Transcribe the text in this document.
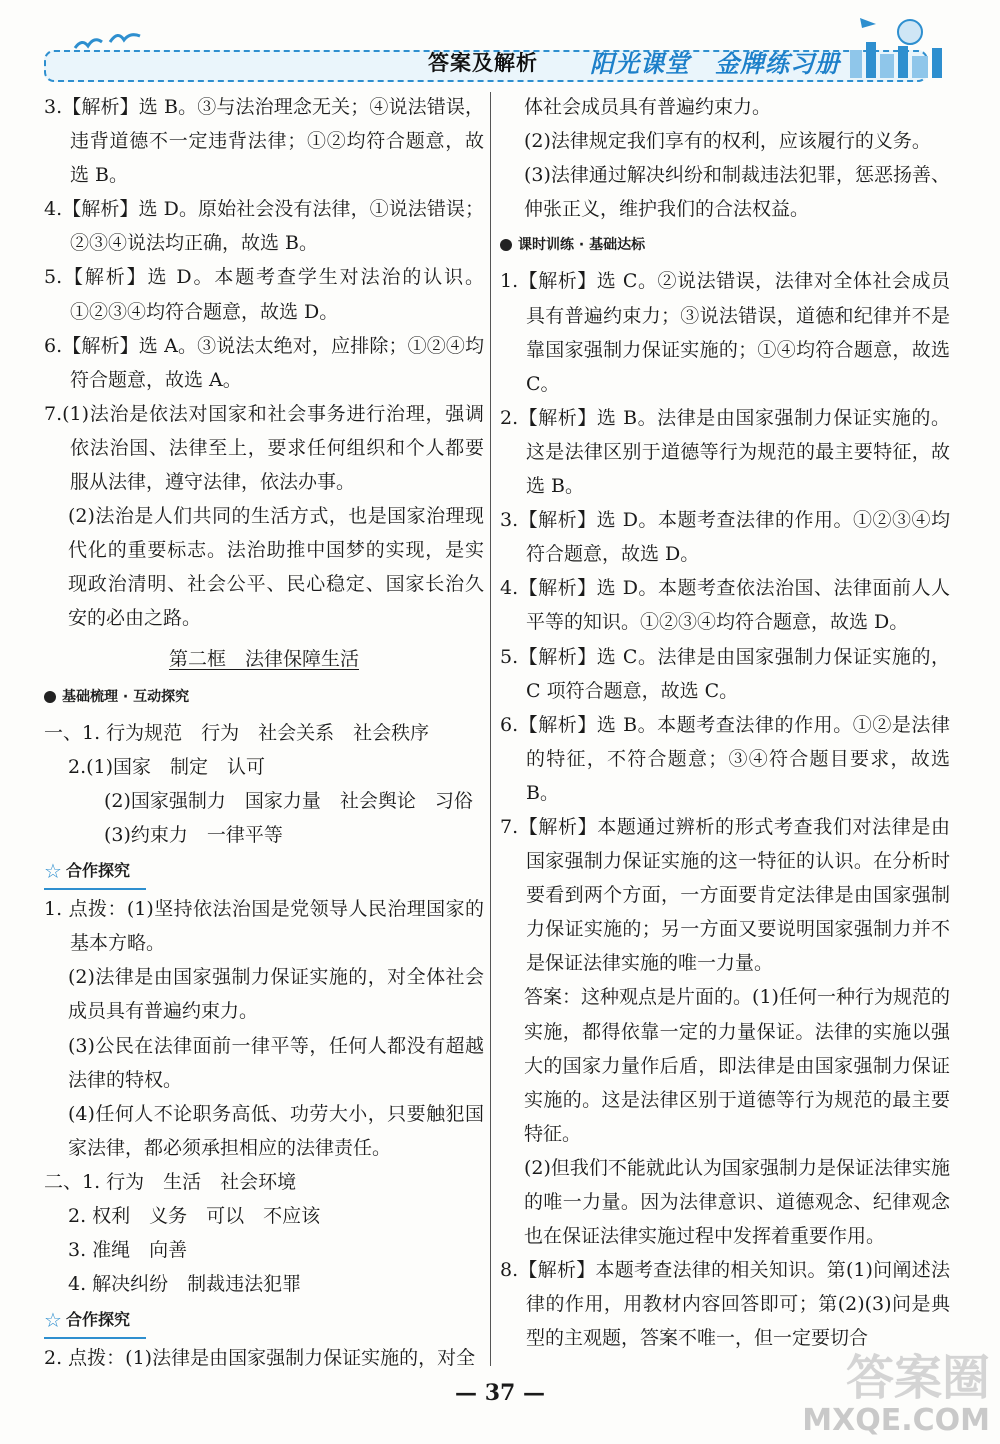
答案及解析 阳光课堂　金牌练习册

3.【解析】选 B。③与法治理念无关；④说法错误，违背道德不一定违背法律；①②均符合题意，故选 B。

4.【解析】选 D。原始社会没有法律，①说法错误；②③④说法均正确，故选 B。

5.【解析】选 D。本题考查学生对法治的认识。①②③④均符合题意，故选 D。

6.【解析】选 A。③说法太绝对，应排除；①②④均符合题意，故选 A。

7.(1)法治是依法对国家和社会事务进行治理，强调依法治国、法律至上，要求任何组织和个人都要服从法律，遵守法律，依法办事。

(2)法治是人们共同的生活方式，也是国家治理现代化的重要标志。法治助推中国梦的实现，是实现政治清明、社会公平、民心稳定、国家长治久安的必由之路。

第二框　法律保障生活
基础梳理 · 互动探究

一、1. 行为规范　行为　社会关系　社会秩序

2.(1)国家　制定　认可

(2)国家强制力　国家力量　社会舆论　习俗

(3)约束力　一律平等

☆ 合作探究

1. 点拨：(1)坚持依法治国是党领导人民治理国家的基本方略。

(2)法律是由国家强制力保证实施的，对全体社会成员具有普遍约束力。

(3)公民在法律面前一律平等，任何人都没有超越法律的特权。

(4)任何人不论职务高低、功劳大小，只要触犯国家法律，都必须承担相应的法律责任。

二、1. 行为　生活　社会环境

2. 权利　义务　可以　不应该

3. 准绳　向善

4. 解决纠纷　制裁违法犯罪

☆ 合作探究

2. 点拨：(1)法律是由国家强制力保证实施的，对全

体社会成员具有普遍约束力。

(2)法律规定我们享有的权利，应该履行的义务。

(3)法律通过解决纠纷和制裁违法犯罪，惩恶扬善、伸张正义，维护我们的合法权益。

课时训练 · 基础达标

1.【解析】选 C。②说法错误，法律对全体社会成员具有普遍约束力；③说法错误，道德和纪律并不是靠国家强制力保证实施的；①④均符合题意，故选 C。

2.【解析】选 B。法律是由国家强制力保证实施的。这是法律区别于道德等行为规范的最主要特征，故选 B。

3.【解析】选 D。本题考查法律的作用。①②③④均符合题意，故选 D。

4.【解析】选 D。本题考查依法治国、法律面前人人平等的知识。①②③④均符合题意，故选 D。

5.【解析】选 C。法律是由国家强制力保证实施的，C 项符合题意，故选 C。

6.【解析】选 B。本题考查法律的作用。①②是法律的特征，不符合题意；③④符合题目要求，故选 B。

7.【解析】本题通过辨析的形式考查我们对法律是由国家强制力保证实施的这一特征的认识。在分析时要看到两个方面，一方面要肯定法律是由国家强制力保证实施的；另一方面又要说明国家强制力并不是保证法律实施的唯一力量。

答案：这种观点是片面的。(1)任何一种行为规范的实施，都得依靠一定的力量保证。法律的实施以强大的国家力量作后盾，即法律是由国家强制力保证实施的。这是法律区别于道德等行为规范的最主要特征。

(2)但我们不能就此认为国家强制力是保证法律实施的唯一力量。因为法律意识、道德观念、纪律观念也在保证法律实施过程中发挥着重要作用。

8.【解析】本题考查法律的相关知识。第(1)问阐述法律的作用，用教材内容回答即可；第(2)(3)问是典型的主观题，答案不唯一，但一定要切合

— 37 —	答案圈
MXQE.COM
